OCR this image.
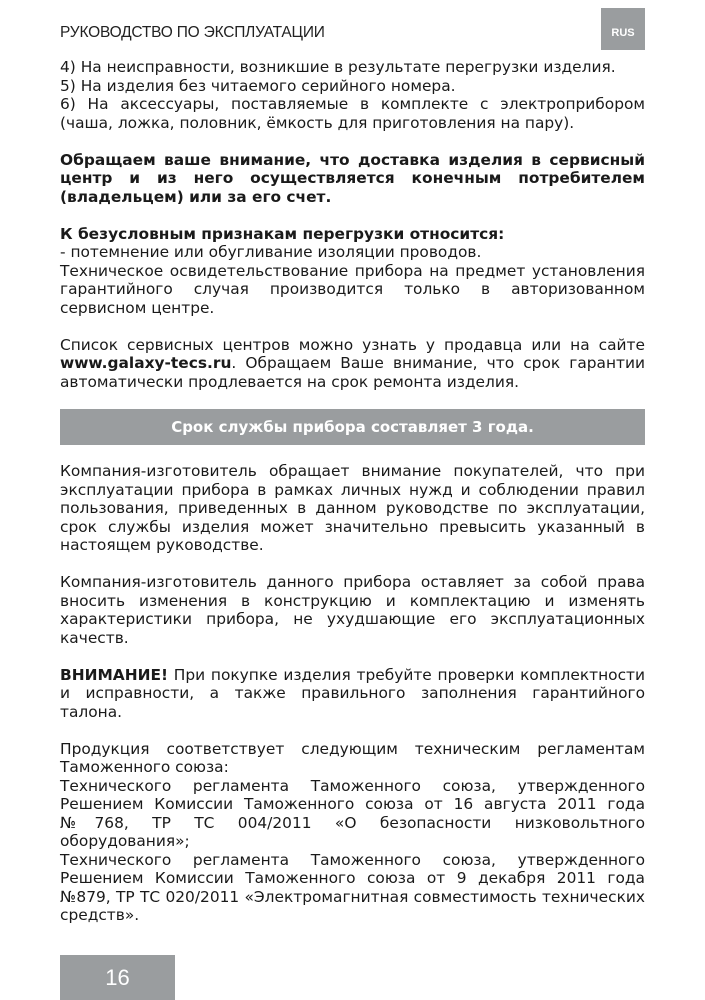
РУКОВОДСТВО ПО ЭКСПЛУАТАЦИИ	RUS

4) На неисправности, возникшие в результате перегрузки изделия.

5) На изделия без читаемого серийного номера.

6) На аксессуары, поставляемые в комплекте с электроприбором (чаша, ложка, половник, ёмкость для приготовления на пару).

Обращаем ваше внимание, что доставка изделия в сервисный центр и из него осуществляется конечным потребителем (владельцем) или за его счет.

К безусловным признакам перегрузки относится:

- потемнение или обугливание изоляции проводов.

Техническое освидетельствование прибора на предмет установления гарантийного случая производится только в авторизованном сервисном центре.

Список сервисных центров можно узнать у продавца или на сайте www.galaxy-tecs.ru. Обращаем Ваше внимание, что срок гарантии автоматически продлевается на срок ремонта изделия.

Срок службы прибора составляет 3 года.

Компания-изготовитель обращает внимание покупателей, что при эксплуатации прибора в рамках личных нужд и соблюдении правил пользования, приведенных в данном руководстве по эксплуатации, срок службы изделия может значительно превысить указанный в настоящем руководстве.

Компания-изготовитель данного прибора оставляет за собой права вносить изменения в конструкцию и комплектацию и изменять характеристики прибора, не ухудшающие его эксплуатационных качеств.

ВНИМАНИЕ! При покупке изделия требуйте проверки комплектности и исправности, а также правильного заполнения гарантийного талона.

Продукция соответствует следующим техническим регламентам Таможенного союза:

Технического регламента Таможенного союза, утвержденного Решением Комиссии Таможенного союза от 16 августа 2011 года №768, ТР ТС 004/2011 «О безопасности низковольтного оборудования»;

Технического регламента Таможенного союза, утвержденного Решением Комиссии Таможенного союза от 9 декабря 2011 года №879, ТР ТС 020/2011 «Электромагнитная совместимость технических средств».

16
